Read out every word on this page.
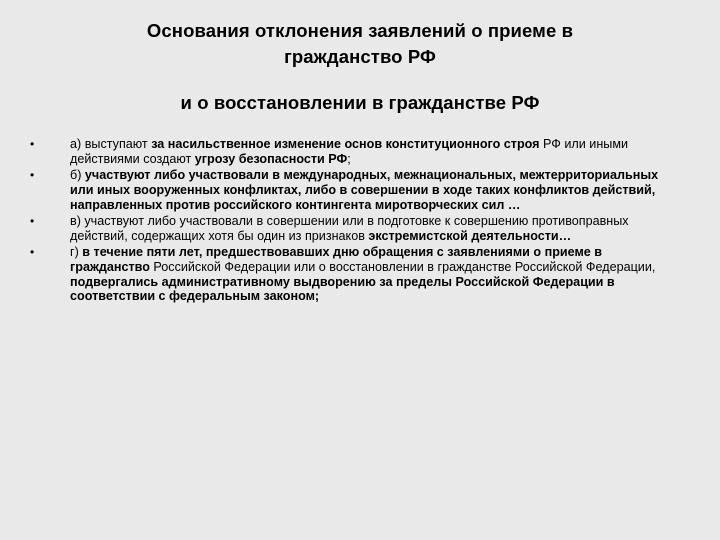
Основания отклонения заявлений о приеме в
гражданство РФ
и о восстановлении в гражданстве РФ
•	а) выступают за насильственное изменение основ конституционного строя РФ или иными действиями создают угрозу безопасности РФ;
•	б) участвуют либо участвовали в международных, межнациональных, межтерриториальных или иных вооруженных конфликтах, либо в совершении в ходе таких конфликтов действий, направленных против российского контингента миротворческих сил …
•	в) участвуют либо участвовали в совершении или в подготовке к совершению противоправных действий, содержащих хотя бы один из признаков экстремистской деятельности…
•	г) в течение пяти лет, предшествовавших дню обращения с заявлениями о приеме в гражданство Российской Федерации или о восстановлении в гражданстве Российской Федерации, подвергались административному выдворению за пределы Российской Федерации в соответствии с федеральным законом;
